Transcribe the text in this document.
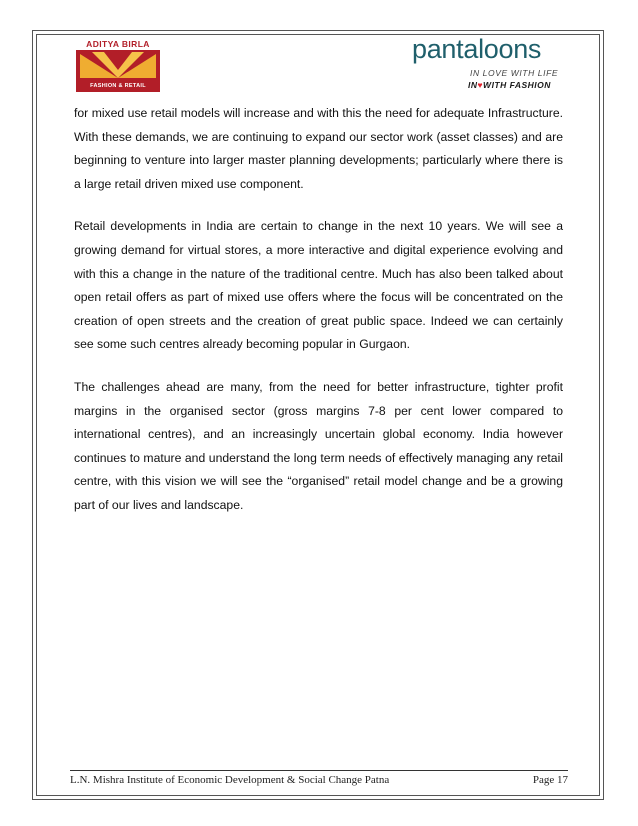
ADITYA BIRLA
FASHION & RETAIL
pantaloons
IN LOVE WITH LIFE
IN♥WITH FASHION

for mixed use retail models will increase and with this the need for adequate Infrastructure. With these demands, we are continuing to expand our sector work (asset classes) and are beginning to venture into larger master planning developments; particularly where there is a large retail driven mixed use component.

Retail developments in India are certain to change in the next 10 years. We will see a growing demand for virtual stores, a more interactive and digital experience evolving and with this a change in the nature of the traditional centre. Much has also been talked about open retail offers as part of mixed use offers where the focus will be concentrated on the creation of open streets and the creation of great public space. Indeed we can certainly see some such centres already becoming popular in Gurgaon.

The challenges ahead are many, from the need for better infrastructure, tighter profit margins in the organised sector (gross margins 7-8 per cent lower compared to international centres), and an increasingly uncertain global economy. India however continues to mature and understand the long term needs of effectively managing any retail centre, with this vision we will see the “organised” retail model change and be a growing part of our lives and landscape.

L.N. Mishra Institute of Economic Development & Social Change Patna	Page 17
